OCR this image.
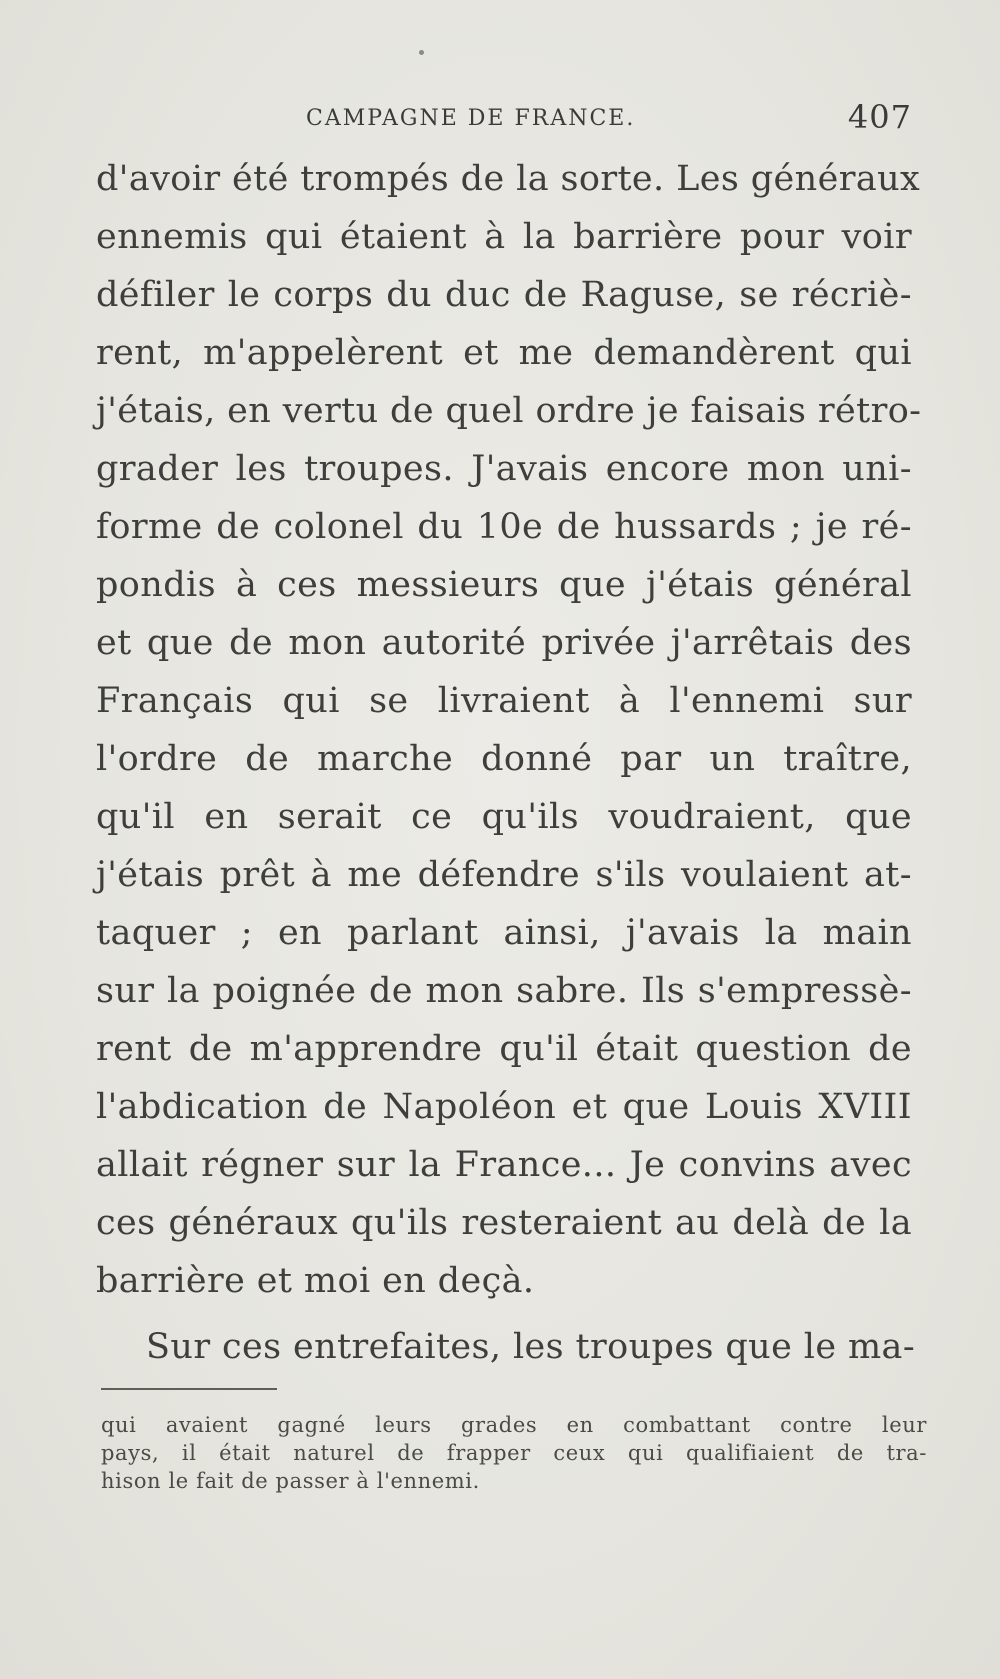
CAMPAGNE DE FRANCE.	407
d'avoir été trompés de la sorte. Les généraux
ennemis qui étaient à la barrière pour voir
défiler le corps du duc de Raguse, se récriè-
rent, m'appelèrent et me demandèrent qui
j'étais, en vertu de quel ordre je faisais rétro-
grader les troupes. J'avais encore mon uni-
forme de colonel du 10e de hussards ; je ré-
pondis à ces messieurs que j'étais général
et que de mon autorité privée j'arrêtais des
Français qui se livraient à l'ennemi sur
l'ordre de marche donné par un traître,
qu'il en serait ce qu'ils voudraient, que
j'étais prêt à me défendre s'ils voulaient at-
taquer ; en parlant ainsi, j'avais la main
sur la poignée de mon sabre. Ils s'empressè-
rent de m'apprendre qu'il était question de
l'abdication de Napoléon et que Louis XVIII
allait régner sur la France... Je convins avec
ces généraux qu'ils resteraient au delà de la
barrière et moi en deçà.
Sur ces entrefaites, les troupes que le ma-
qui avaient gagné leurs grades en combattant contre leur
pays, il était naturel de frapper ceux qui qualifiaient de tra-
hison le fait de passer à l'ennemi.
